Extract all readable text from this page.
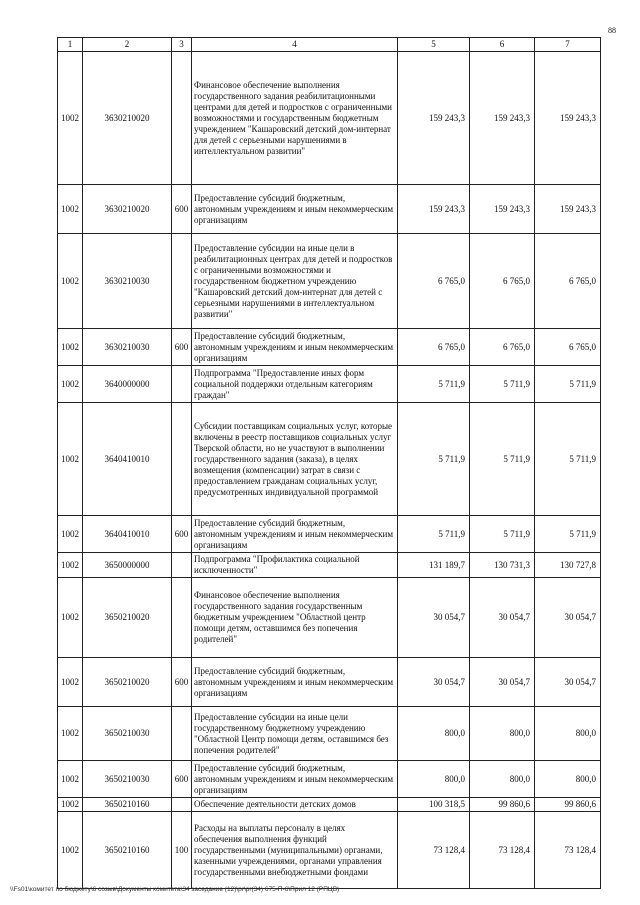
88
1	2	3	4	5	6	7
1002	3630210020		Финансовое обеспечение выполнения государственного задания реабилитационными центрами для детей и подростков с ограниченными возможностями и государственным бюджетным учреждением "Кашаровский детский дом-интернат для детей с серьезными нарушениями в интеллектуальном развитии"	159 243,3	159 243,3	159 243,3
1002	3630210020	600	Предоставление субсидий бюджетным, автономным учреждениям и иным некоммерческим организациям	159 243,3	159 243,3	159 243,3
1002	3630210030		Предоставление субсидии на иные цели в реабилитационных центрах для детей и подростков с ограниченными возможностями и государственном бюджетном учреждению "Кашаровский детский дом-интернат для детей с серьезными нарушениями в интеллектуальном развитии"	6 765,0	6 765,0	6 765,0
1002	3630210030	600	Предоставление субсидий бюджетным, автономным учреждениям и иным некоммерческим организациям	6 765,0	6 765,0	6 765,0
1002	3640000000		Подпрограмма "Предоставление иных форм социальной поддержки отдельным категориям граждан"	5 711,9	5 711,9	5 711,9
1002	3640410010		Субсидии поставщикам социальных услуг, которые включены в реестр поставщиков социальных услуг Тверской области, но не участвуют в выполнении государственного задания (заказа), в целях возмещения (компенсации) затрат в связи с предоставлением гражданам социальных услуг, предусмотренных индивидуальной программой	5 711,9	5 711,9	5 711,9
1002	3640410010	600	Предоставление субсидий бюджетным, автономным учреждениям и иным некоммерческим организациям	5 711,9	5 711,9	5 711,9
1002	3650000000		Подпрограмма "Профилактика социальной исключенности"	131 189,7	130 731,3	130 727,8
1002	3650210020		Финансовое обеспечение выполнения государственного задания государственным бюджетным учреждением "Областной центр помощи детям, оставшимся без попечения родителей"	30 054,7	30 054,7	30 054,7
1002	3650210020	600	Предоставление субсидий бюджетным, автономным учреждениям и иным некоммерческим организациям	30 054,7	30 054,7	30 054,7
1002	3650210030		Предоставление субсидии на иные цели государственному бюджетному учреждению "Областной Центр помощи детям, оставшимся без попечения родителей"	800,0	800,0	800,0
1002	3650210030	600	Предоставление субсидий бюджетным, автономным учреждениям и иным некоммерческим организациям	800,0	800,0	800,0
1002	3650210160		Обеспечение деятельности детских домов	100 318,5	99 860,6	99 860,6
1002	3650210160	100	Расходы на выплаты персоналу в целях обеспечения выполнения функций государственными (муниципальными) органами, казенными учреждениями, органами управления государственными внебюджетными фондами	73 128,4	73 128,4	73 128,4
\\Fs01\комитет по бюджету\6 созыв\Документы комитета\34 заседание (12)\pr\pr(34) 675-П-6\Прил 12 (РПЦВ)
